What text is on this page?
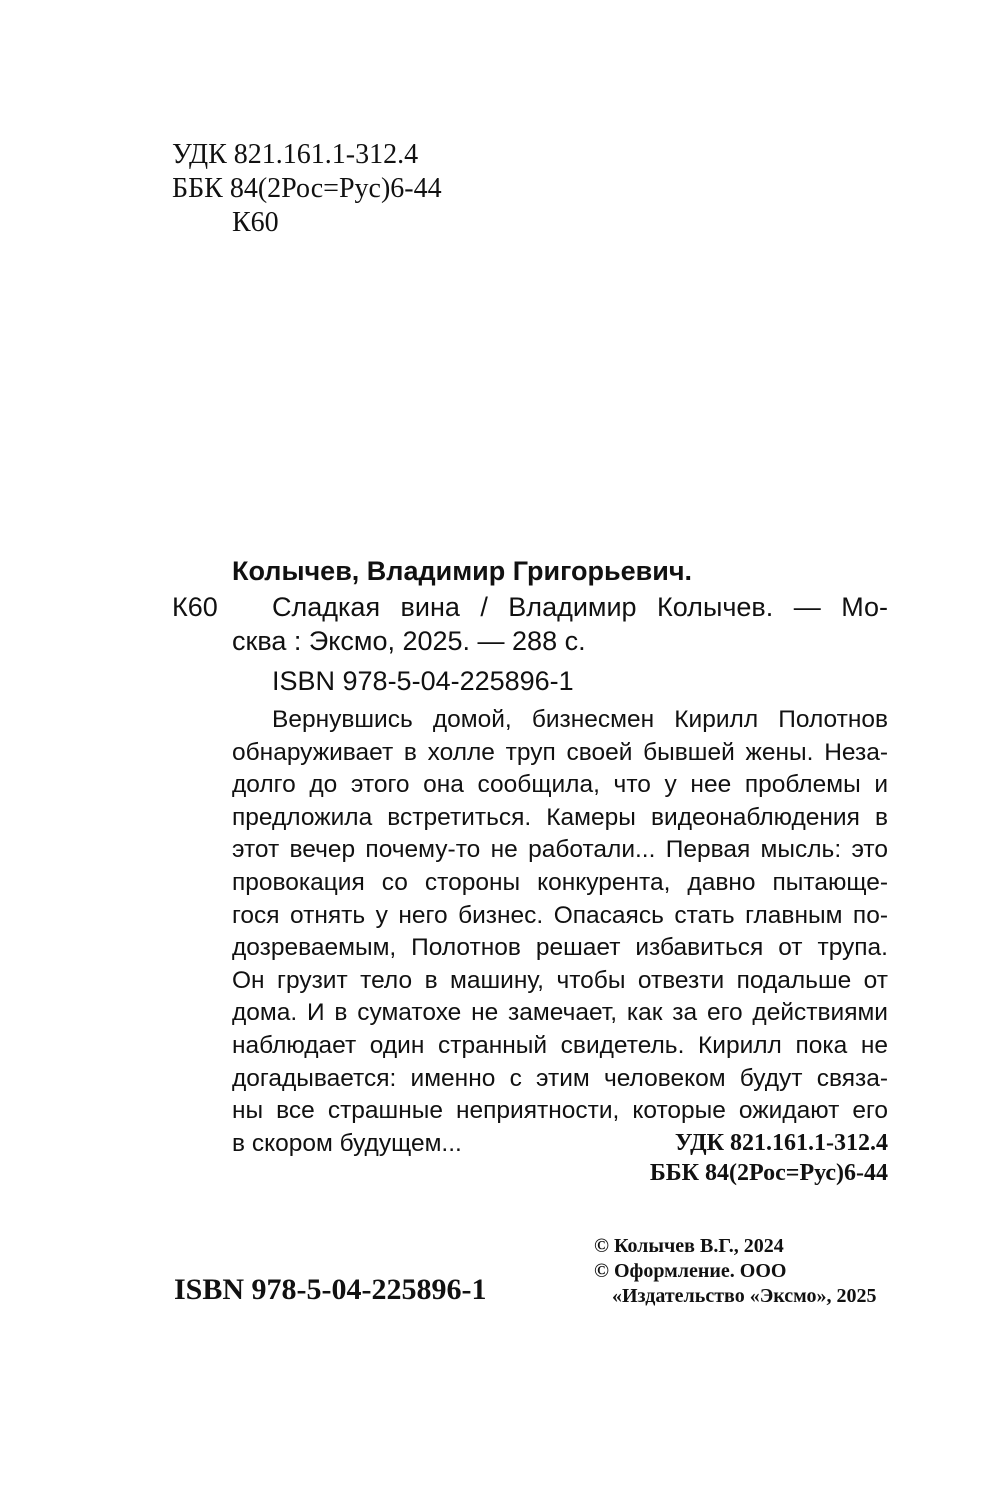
УДК 821.161.1-312.4
ББК 84(2Рос=Рус)6-44
К60
Колычев, Владимир Григорьевич.
К60	Сладкая вина / Владимир Колычев. — Мо-
сква : Эксмо, 2025. — 288 с.
ISBN 978-5-04-225896-1
Вернувшись домой, бизнесмен Кирилл Полотнов
обнаруживает в холле труп своей бывшей жены. Неза-
долго до этого она сообщила, что у нее проблемы и
предложила встретиться. Камеры видеонаблюдения в
этот вечер почему-то не работали... Первая мысль: это
провокация со стороны конкурента, давно пытающе-
гося отнять у него бизнес. Опасаясь стать главным по-
дозреваемым, Полотнов решает избавиться от трупа.
Он грузит тело в машину, чтобы отвезти подальше от
дома. И в суматохе не замечает, как за его действиями
наблюдает один странный свидетель. Кирилл пока не
догадывается: именно с этим человеком будут связа-
ны все страшные неприятности, которые ожидают его
в скором будущем...	УДК 821.161.1-312.4
ББК 84(2Рос=Рус)6-44
ISBN 978-5-04-225896-1
© Колычев В.Г., 2024
© Оформление. ООО
«Издательство «Эксмо», 2025
